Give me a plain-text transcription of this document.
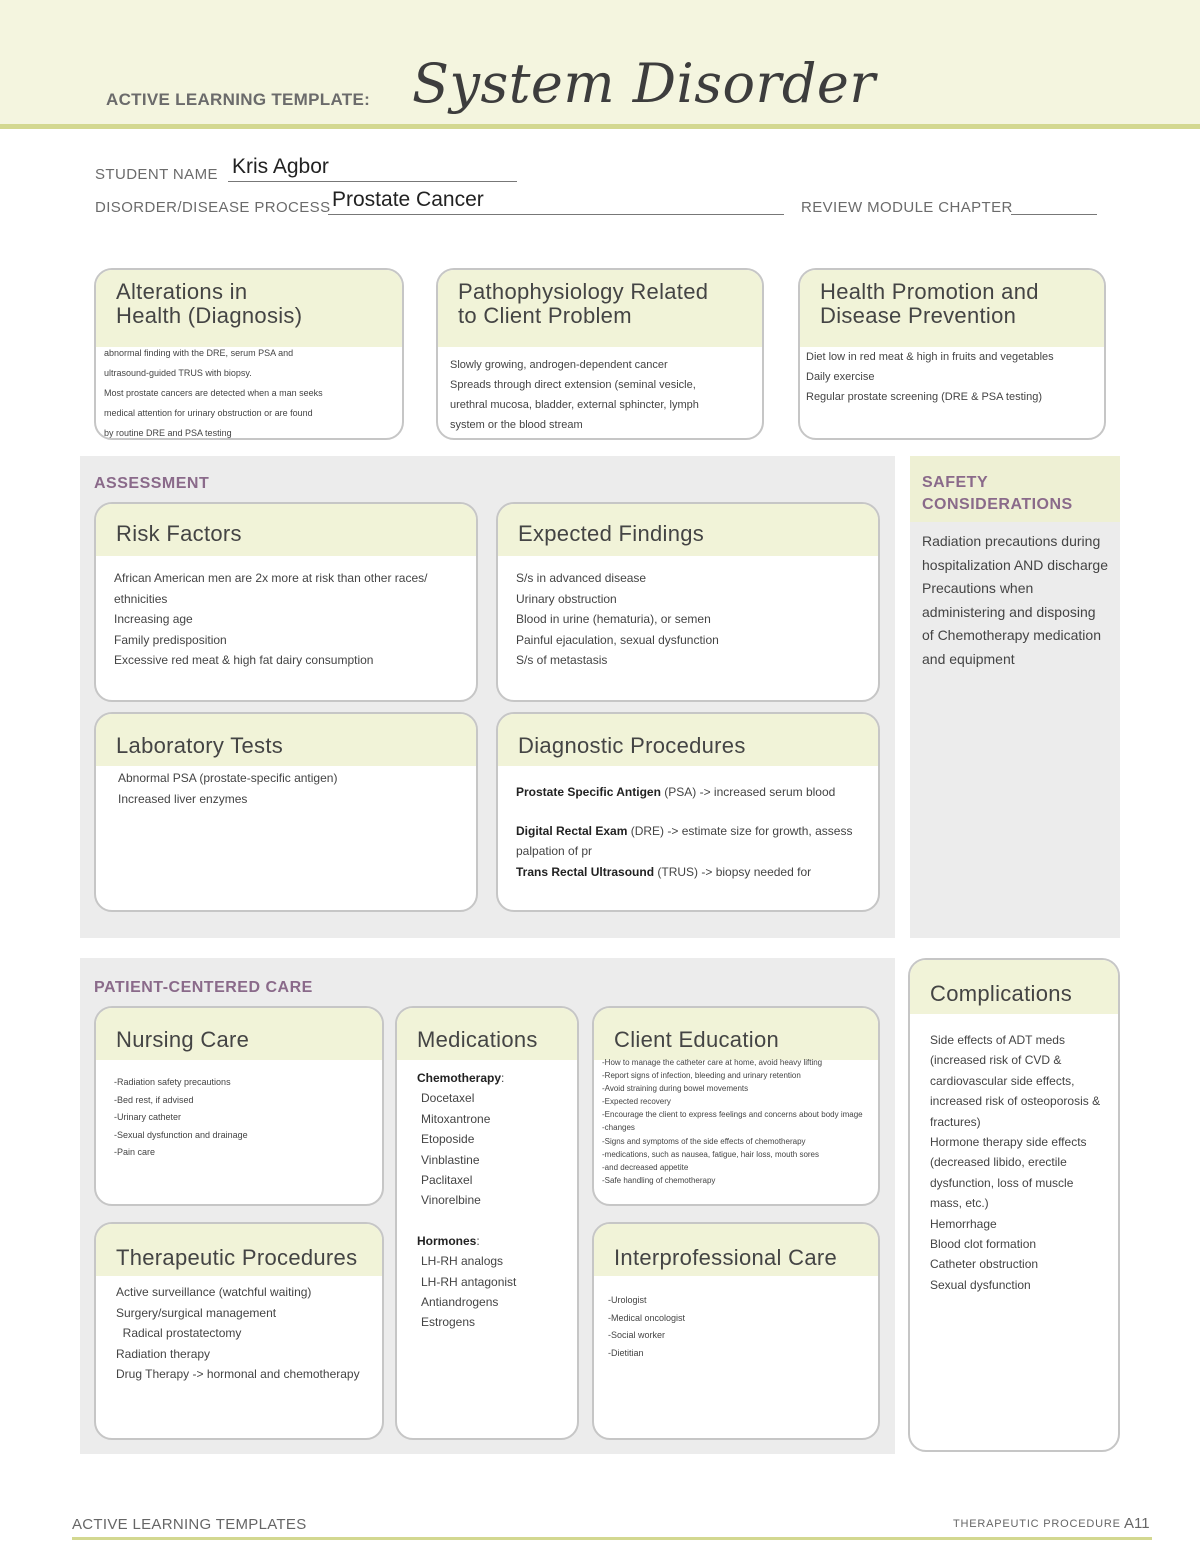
ACTIVE LEARNING TEMPLATE: System Disorder
STUDENT NAME Kris Agbor
DISORDER/DISEASE PROCESS Prostate Cancer	REVIEW MODULE CHAPTER
Alterations in
Health (Diagnosis)
abnormal finding with the DRE, serum PSA and
ultrasound-guided TRUS with biopsy.
Most prostate cancers are detected when a man seeks
medical attention for urinary obstruction or are found
by routine DRE and PSA testing
Pathophysiology Related
to Client Problem
Slowly growing, androgen-dependent cancer
Spreads through direct extension (seminal vesicle,
urethral mucosa, bladder, external sphincter, lymph
system or the blood stream
Health Promotion and
Disease Prevention
Diet low in red meat & high in fruits and vegetables
Daily exercise
Regular prostate screening (DRE & PSA testing)
ASSESSMENT
Risk Factors
African American men are 2x more at risk than other races/
ethnicities
Increasing age
Family predisposition
Excessive red meat & high fat dairy consumption
Expected Findings
S/s in advanced disease
Urinary obstruction
Blood in urine (hematuria), or semen
Painful ejaculation, sexual dysfunction
S/s of metastasis
Laboratory Tests
Abnormal PSA (prostate-specific antigen)
Increased liver enzymes
Diagnostic Procedures
Prostate Specific Antigen (PSA) -> increased serum blood
Digital Rectal Exam (DRE) -> estimate size for growth, assess
palpation of pr
Trans Rectal Ultrasound (TRUS) -> biopsy needed for
SAFETY
CONSIDERATIONS
Radiation precautions during
hospitalization AND discharge
Precautions when
administering and disposing
of Chemotherapy medication
and equipment
PATIENT-CENTERED CARE
Nursing Care
-Radiation safety precautions
-Bed rest, if advised
-Urinary catheter
-Sexual dysfunction and drainage
-Pain care
Medications
Chemotherapy:
Docetaxel
Mitoxantrone
Etoposide
Vinblastine
Paclitaxel
Vinorelbine
Hormones:
LH-RH analogs
LH-RH antagonist
Antiandrogens
Estrogens
Client Education
-How to manage the catheter care at home, avoid heavy lifting
-Report signs of infection, bleeding and urinary retention
-Avoid straining during bowel movements
-Expected recovery
-Encourage the client to express feelings and concerns about body image
-changes
-Signs and symptoms of the side effects of chemotherapy
-medications, such as nausea, fatigue, hair loss, mouth sores
-and decreased appetite
-Safe handling of chemotherapy
Therapeutic Procedures
Active surveillance (watchful waiting)
Surgery/surgical management
Radical prostatectomy
Radiation therapy
Drug Therapy -> hormonal and chemotherapy
Interprofessional Care
-Urologist
-Medical oncologist
-Social worker
-Dietitian
Complications
Side effects of ADT meds
(increased risk of CVD &
cardiovascular side effects,
increased risk of osteoporosis &
fractures)
Hormone therapy side effects
(decreased libido, erectile
dysfunction, loss of muscle
mass, etc.)
Hemorrhage
Blood clot formation
Catheter obstruction
Sexual dysfunction
ACTIVE LEARNING TEMPLATES	THERAPEUTIC PROCEDURE A11
